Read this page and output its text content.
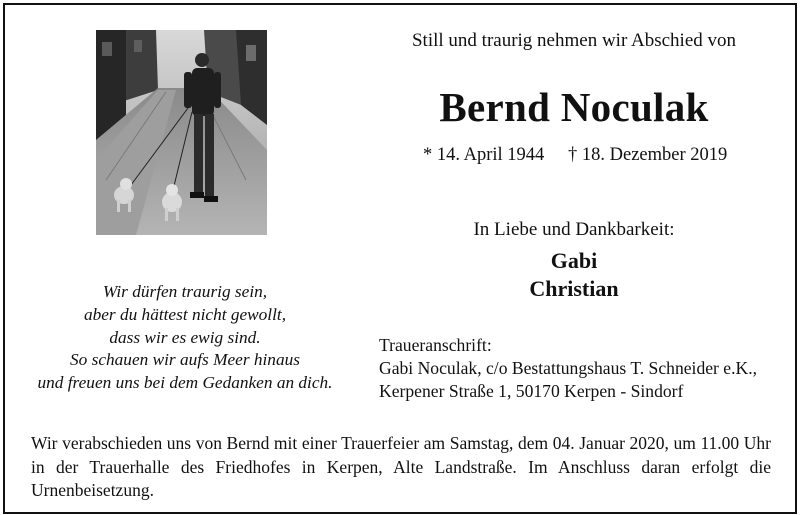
Still und traurig nehmen wir Abschied von
Bernd Noculak
* 14. April 1944 † 18. Dezember 2019
In Liebe und Dankbarkeit:
Gabi
Christian
Wir dürfen traurig sein,
aber du hättest nicht gewollt,
dass wir es ewig sind.
So schauen wir aufs Meer hinaus
und freuen uns bei dem Gedanken an dich.
Traueranschrift:
Gabi Noculak, c/o Bestattungshaus T. Schneider e.K.,
Kerpener Straße 1, 50170 Kerpen - Sindorf
Wir verabschieden uns von Bernd mit einer Trauerfeier am Samstag, dem 04. Januar 2020, um 11.00 Uhr in der Trauerhalle des Friedhofes in Kerpen, Alte Landstraße. Im Anschluss daran erfolgt die Urnenbeisetzung.
